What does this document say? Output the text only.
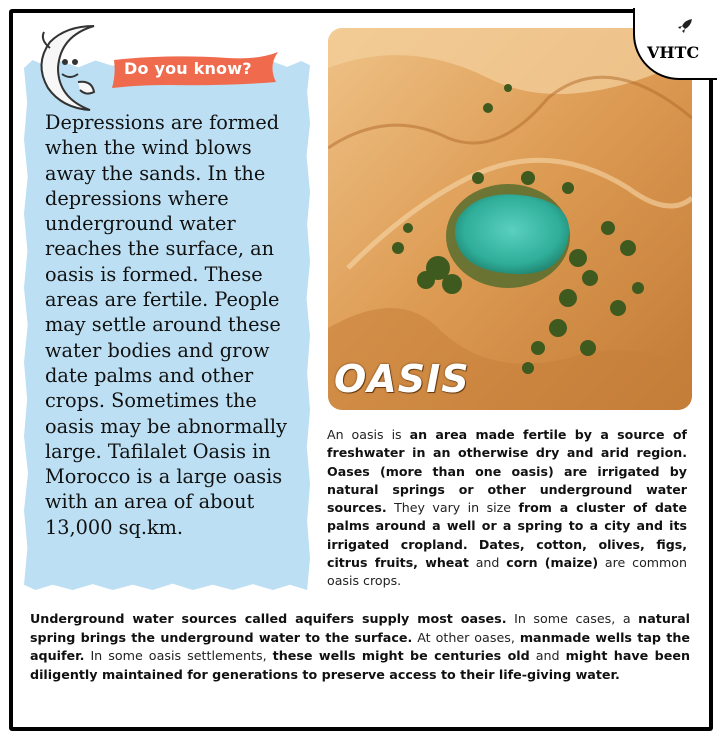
Do you know?

Depressions are formed when the wind blows away the sands. In the depressions where underground water reaches the surface, an oasis is formed. These areas are fertile. People may settle around these water bodies and grow date palms and other crops. Sometimes the oasis may be abnormally large. Tafilalet Oasis in Morocco is a large oasis with an area of about 13,000 sq.km.

OASIS
VHTC

An oasis is an area made fertile by a source of freshwater in an otherwise dry and arid region. Oases (more than one oasis) are irrigated by natural springs or other underground water sources. They vary in size from a cluster of date palms around a well or a spring to a city and its irrigated cropland. Dates, cotton, olives, figs, citrus fruits, wheat and corn (maize) are common oasis crops.

Underground water sources called aquifers supply most oases. In some cases, a natural spring brings the underground water to the surface. At other oases, manmade wells tap the aquifer. In some oasis settlements, these wells might be centuries old and might have been diligently maintained for generations to preserve access to their life-giving water.
